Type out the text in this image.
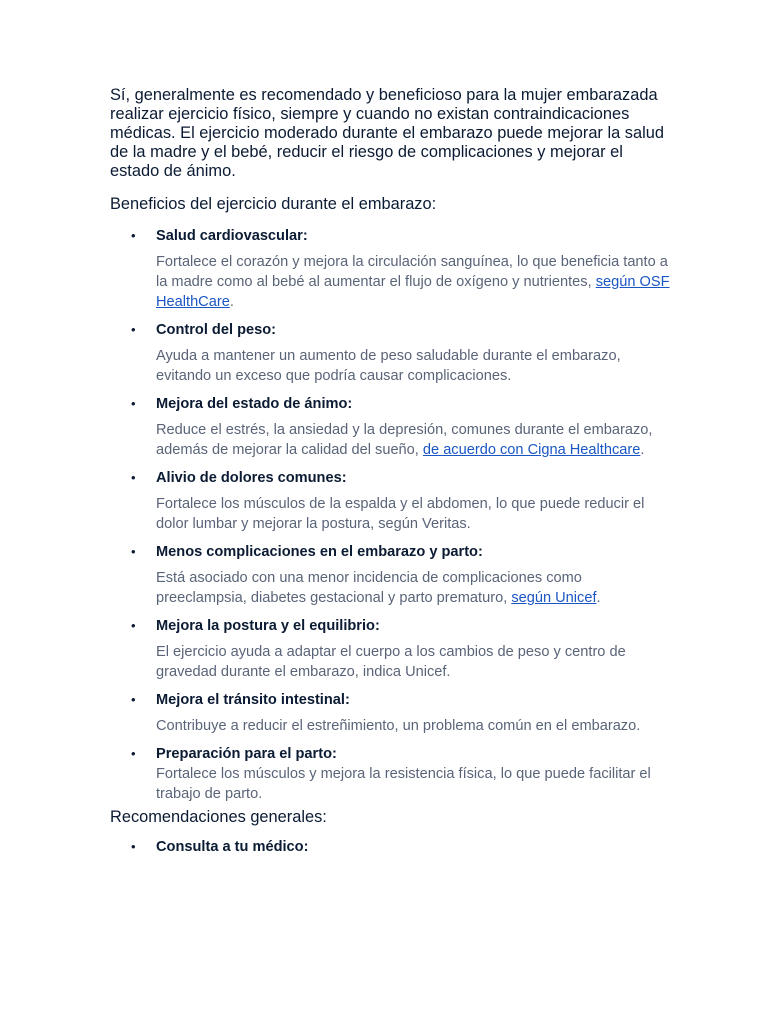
Sí, generalmente es recomendado y beneficioso para la mujer embarazada realizar ejercicio físico, siempre y cuando no existan contraindicaciones médicas. El ejercicio moderado durante el embarazo puede mejorar la salud de la madre y el bebé, reducir el riesgo de complicaciones y mejorar el estado de ánimo.

Beneficios del ejercicio durante el embarazo:

• Salud cardiovascular:

Fortalece el corazón y mejora la circulación sanguínea, lo que beneficia tanto a la madre como al bebé al aumentar el flujo de oxígeno y nutrientes, según OSF HealthCare.

• Control del peso:

Ayuda a mantener un aumento de peso saludable durante el embarazo, evitando un exceso que podría causar complicaciones.

• Mejora del estado de ánimo:

Reduce el estrés, la ansiedad y la depresión, comunes durante el embarazo, además de mejorar la calidad del sueño, de acuerdo con Cigna Healthcare.

• Alivio de dolores comunes:

Fortalece los músculos de la espalda y el abdomen, lo que puede reducir el dolor lumbar y mejorar la postura, según Veritas.

• Menos complicaciones en el embarazo y parto:

Está asociado con una menor incidencia de complicaciones como preeclampsia, diabetes gestacional y parto prematuro, según Unicef.

• Mejora la postura y el equilibrio:

El ejercicio ayuda a adaptar el cuerpo a los cambios de peso y centro de gravedad durante el embarazo, indica Unicef.

• Mejora el tránsito intestinal:

Contribuye a reducir el estreñimiento, un problema común en el embarazo.

• Preparación para el parto:

Fortalece los músculos y mejora la resistencia física, lo que puede facilitar el trabajo de parto.

Recomendaciones generales:

• Consulta a tu médico:
